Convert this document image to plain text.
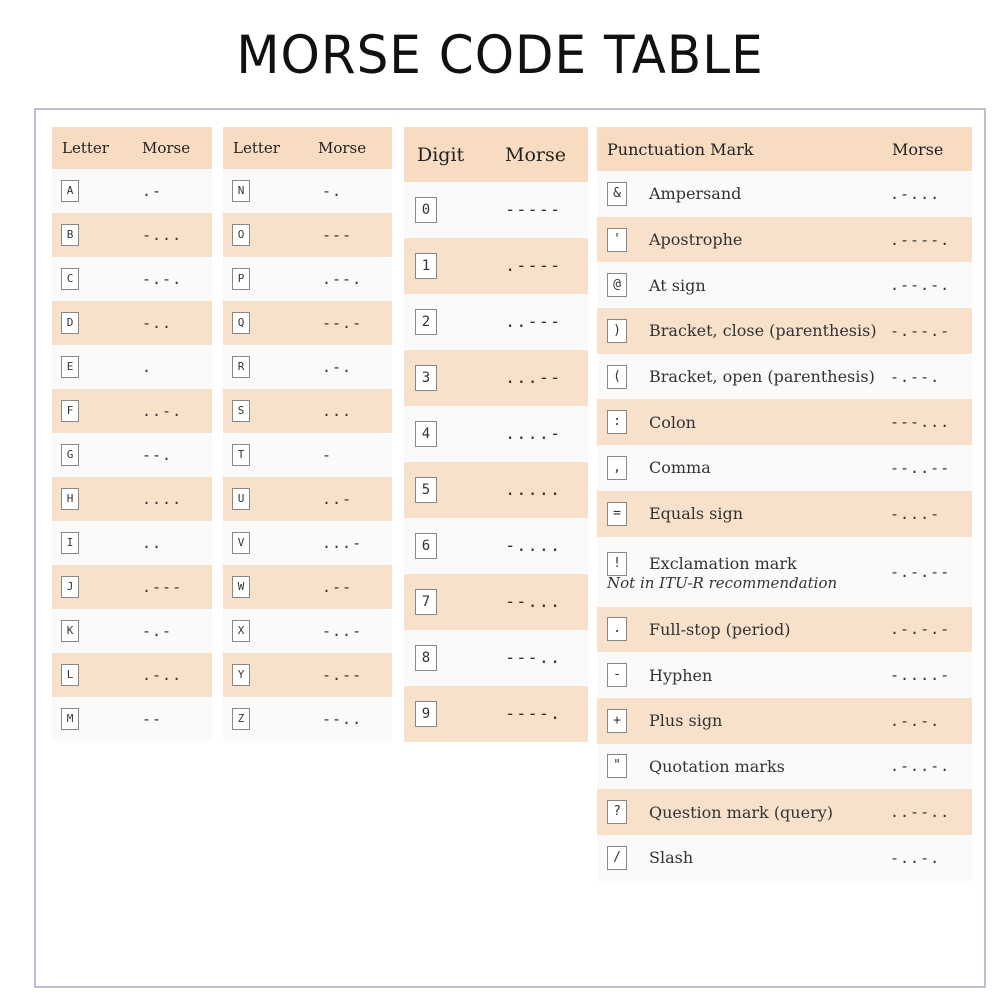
MORSE CODE TABLE
Letter	Morse
A	.-
B	-...
C	-.-.
D	-..
E	.
F	..-.
G	--.
H	....
I	..
J	.---
K	-.-
L	.-..
M	--
Letter	Morse
N	-.
O	---
P	.--.
Q	--.-
R	.-.
S	...
T	-
U	..-
V	...-
W	.--
X	-..-
Y	-.--
Z	--..
Digit	Morse
0	-----
1	.----
2	..---
3	...--
4	....-
5	.....
6	-....
7	--...
8	---..
9	----.
Punctuation Mark	Morse

& Ampersand	.-...

' Apostrophe	.----.

@ At sign	.--.-.

) Bracket, close (parenthesis)	-.--.-

( Bracket, open (parenthesis)	-.--.

: Colon	---...

, Comma	--..--

= Equals sign	-...-

! Exclamation mark
Not in ITU-R recommendation	-.-.--

. Full-stop (period)	.-.-.-

- Hyphen	-....-

+ Plus sign	.-.-.

" Quotation marks	.-..-.

? Question mark (query)	..--..

/ Slash	-..-.
